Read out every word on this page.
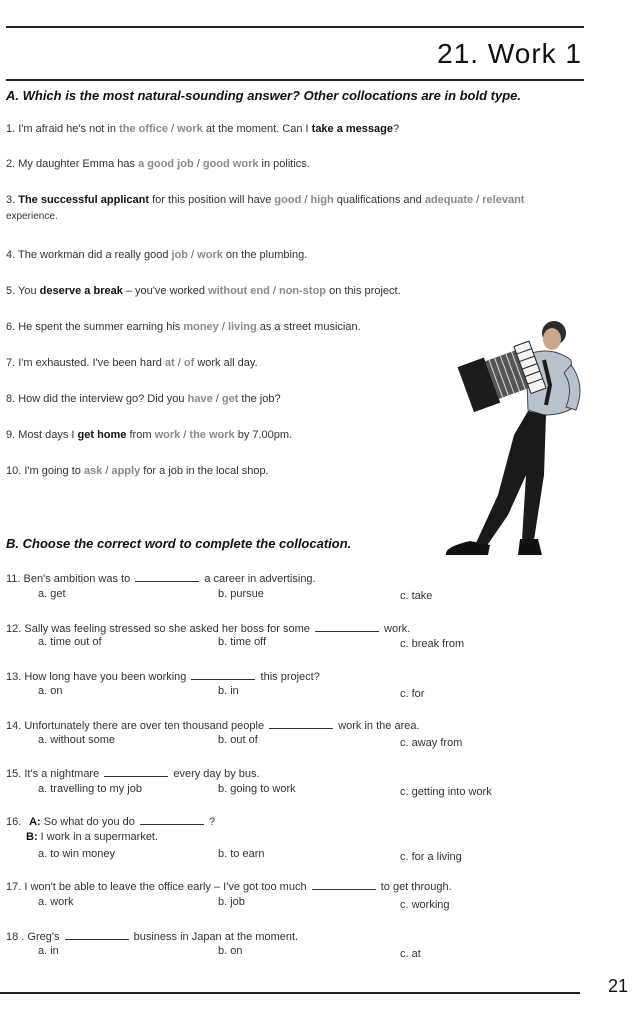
21. Work 1
A. Which is the most natural-sounding answer? Other collocations are in bold type.
1. I'm afraid he's not in the office / work at the moment. Can I take a message?
2. My daughter Emma has a good job / good work in politics.
3. The successful applicant for this position will have good / high qualifications and adequate / relevant
experience.
4. The workman did a really good job / work on the plumbing.
5. You deserve a break – you've worked without end / non-stop on this project.
6. He spent the summer earning his money / living as a street musician.
7. I'm exhausted. I've been hard at / of work all day.
8. How did the interview go? Did you have / get the job?
9. Most days I get home from work / the work by 7.00pm.
10. I'm going to ask / apply for a job in the local shop.
B. Choose the correct word to complete the collocation.
11. Ben's ambition was to	a career in advertising.
a. get	b. pursue	c. take
12. Sally was feeling stressed so she asked her boss for some	work.
a. time out of	b. time off	c. break from
13. How long have you been working	this project?
a. on	b. in	c. for
14. Unfortunately there are over ten thousand people	work in the area.
a. without some	b. out of	c. away from
15. It's a nightmare	every day by bus.
a. travelling to my job	b. going to work	c. getting into work
16. A: So what do you do	?
B: I work in a supermarket.
a. to win money	b. to earn	c. for a living
17. I won't be able to leave the office early – I've got too much	to get through.
a. work	b. job	c. working
18 . Greg's	business in Japan at the moment.
a. in	b. on	c. at
21
